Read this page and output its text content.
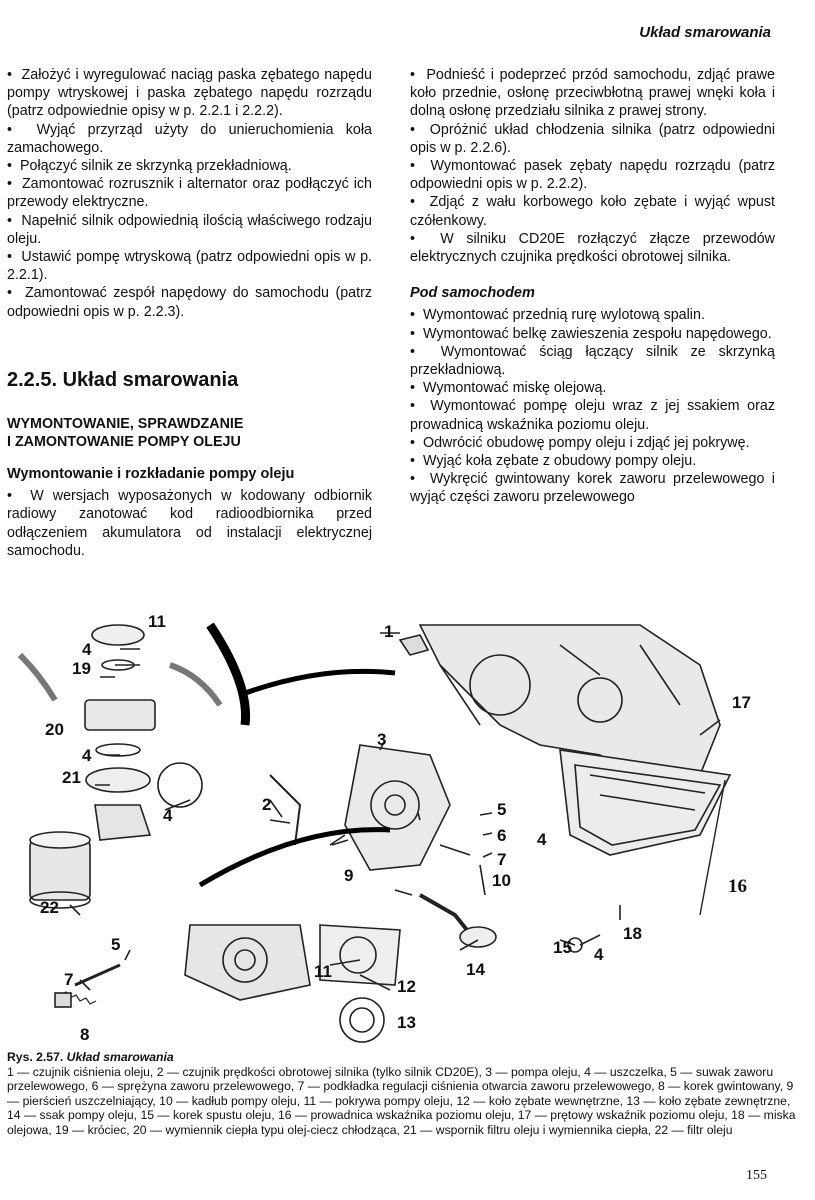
Układ smarowania

•  Założyć i wyregulować naciąg paska zębatego napędu pompy wtryskowej i paska zębatego napędu rozrządu (patrz odpowiednie opisy w p. 2.2.1 i 2.2.2).

•  Wyjąć przyrząd użyty do unieruchomienia koła zamachowego.

•  Połączyć silnik ze skrzynką przekładniową.

•  Zamontować rozrusznik i alternator oraz podłączyć ich przewody elektryczne.

•  Napełnić silnik odpowiednią ilością właściwego rodzaju oleju.

•  Ustawić pompę wtryskową (patrz odpowiedni opis w p. 2.2.1).

•  Zamontować zespół napędowy do samochodu (patrz odpowiedni opis w p. 2.2.3).

2.2.5. Układ smarowania
WYMONTOWANIE, SPRAWDZANIE
I ZAMONTOWANIE POMPY OLEJU
Wymontowanie i rozkładanie pompy oleju

•  W wersjach wyposażonych w kodowany odbiornik radiowy zanotować kod radioodbiornika przed odłączeniem akumulatora od instalacji elektrycznej samochodu.

•  Podnieść i podeprzeć przód samochodu, zdjąć prawe koło przednie, osłonę przeciwbłotną prawej wnęki koła i dolną osłonę przedziału silnika z prawej strony.

•  Opróżnić układ chłodzenia silnika (patrz odpowiedni opis w p. 2.2.6).

•  Wymontować pasek zębaty napędu rozrządu (patrz odpowiedni opis w p. 2.2.2).

•  Zdjąć z wału korbowego koło zębate i wyjąć wpust czółenkowy.

•  W silniku CD20E rozłączyć złącze przewodów elektrycznych czujnika prędkości obrotowej silnika.

Pod samochodem

•  Wymontować przednią rurę wylotową spalin.

•  Wymontować belkę zawieszenia zespołu napędowego.

•  Wymontować ściąg łączący silnik ze skrzynką przekładniową.

•  Wymontować miskę olejową.

•  Wymontować pompę oleju wraz z jej ssakiem oraz prowadnicą wskaźnika poziomu oleju.

•  Odwrócić obudowę pompy oleju i zdjąć jej pokrywę.

•  Wyjąć koła zębate z obudowy pompy oleju.

•  Wykręcić gwintowany korek zaworu przelewowego i wyjąć części zaworu przelewowego

1
2
3
4
4
4
4
4
5
5
6
7
7
8
9	10
11
11
12
13
14
15
16
17
18
19
20
21
22
Rys. 2.57. Układ smarowania
1 — czujnik ciśnienia oleju, 2 — czujnik prędkości obrotowej silnika (tylko silnik CD20E), 3 — pompa oleju, 4 — uszczelka, 5 — suwak zaworu przelewowego, 6 — sprężyna zaworu przelewowego, 7 — podkładka regulacji ciśnienia otwarcia zaworu przelewowego, 8 — korek gwintowany, 9 — pierścień uszczelniający, 10 — kadłub pompy oleju, 11 — pokrywa pompy oleju, 12 — koło zębate wewnętrzne, 13 — koło zębate zewnętrzne, 14 — ssak pompy oleju, 15 — korek spustu oleju, 16 — prowadnica wskaźnika poziomu oleju, 17 — prętowy wskaźnik poziomu oleju, 18 — miska olejowa, 19 — króciec, 20 — wymiennik ciepła typu olej-ciecz chłodząca, 21 — wspornik filtru oleju i wymiennika ciepła, 22 — filtr oleju
155
